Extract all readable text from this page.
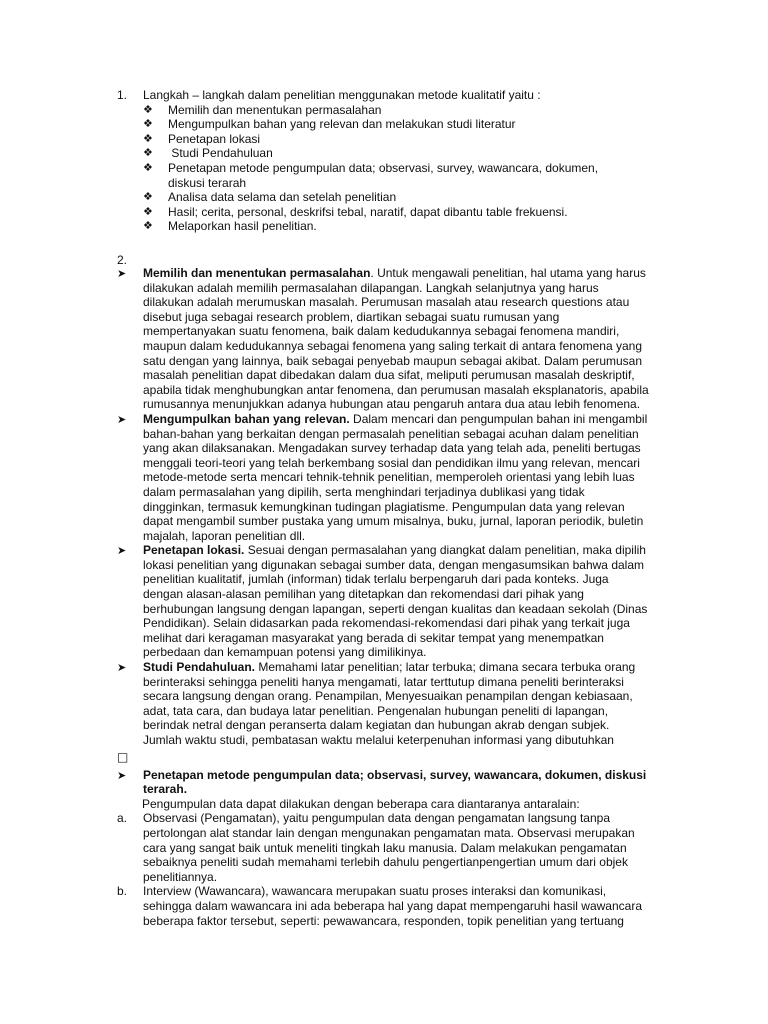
1. Langkah – langkah dalam penelitian menggunakan metode kualitatif yaitu :
❖ Memilih dan menentukan permasalahan
❖ Mengumpulkan bahan yang relevan dan melakukan studi literatur
❖ Penetapan lokasi
❖ Studi Pendahuluan
❖ Penetapan metode pengumpulan data; observasi, survey, wawancara, dokumen, diskusi terarah
❖ Analisa data selama dan setelah penelitian
❖ Hasil; cerita, personal, deskrifsi tebal, naratif, dapat dibantu table frekuensi.
❖ Melaporkan hasil penelitian.
2.
➤ Memilih dan menentukan permasalahan. Untuk mengawali penelitian, hal utama yang harus dilakukan adalah memilih permasalahan dilapangan. Langkah selanjutnya yang harus dilakukan adalah merumuskan masalah. Perumusan masalah atau research questions atau disebut juga sebagai research problem, diartikan sebagai suatu rumusan yang mempertanyakan suatu fenomena, baik dalam kedudukannya sebagai fenomena mandiri, maupun dalam kedudukannya sebagai fenomena yang saling terkait di antara fenomena yang satu dengan yang lainnya, baik sebagai penyebab maupun sebagai akibat. Dalam perumusan masalah penelitian dapat dibedakan dalam dua sifat, meliputi perumusan masalah deskriptif, apabila tidak menghubungkan antar fenomena, dan perumusan masalah eksplanatoris, apabila rumusannya menunjukkan adanya hubungan atau pengaruh antara dua atau lebih fenomena.
➤ Mengumpulkan bahan yang relevan. Dalam mencari dan pengumpulan bahan ini mengambil bahan-bahan yang berkaitan dengan permasalah penelitian sebagai acuhan dalam penelitian yang akan dilaksanakan. Mengadakan survey terhadap data yang telah ada, peneliti bertugas menggali teori-teori yang telah berkembang sosial dan pendidikan ilmu yang relevan, mencari metode-metode serta mencari tehnik-tehnik penelitian, memperoleh orientasi yang lebih luas dalam permasalahan yang dipilih, serta menghindari terjadinya dublikasi yang tidak dingginkan, termasuk kemungkinan tudingan plagiatisme. Pengumpulan data yang relevan dapat mengambil sumber pustaka yang umum misalnya, buku, jurnal, laporan periodik, buletin majalah, laporan penelitian dll.
➤ Penetapan lokasi. Sesuai dengan permasalahan yang diangkat dalam penelitian, maka dipilih lokasi penelitian yang digunakan sebagai sumber data, dengan mengasumsikan bahwa dalam penelitian kualitatif, jumlah (informan) tidak terlalu berpengaruh dari pada konteks. Juga dengan alasan-alasan pemilihan yang ditetapkan dan rekomendasi dari pihak yang berhubungan langsung dengan lapangan, seperti dengan kualitas dan keadaan sekolah (Dinas Pendidikan). Selain didasarkan pada rekomendasi-rekomendasi dari pihak yang terkait juga melihat dari keragaman masyarakat yang berada di sekitar tempat yang menempatkan perbedaan dan kemampuan potensi yang dimilikinya.
➤ Studi Pendahuluan. Memahami latar penelitian; latar terbuka; dimana secara terbuka orang berinteraksi sehingga peneliti hanya mengamati, latar terttutup dimana peneliti berinteraksi secara langsung dengan orang. Penampilan, Menyesuaikan penampilan dengan kebiasaan, adat, tata cara, dan budaya latar penelitian. Pengenalan hubungan peneliti di lapangan, berindak netral dengan peranserta dalam kegiatan dan hubungan akrab dengan subjek. Jumlah waktu studi, pembatasan waktu melalui keterpenuhan informasi yang dibutuhkan
□
➤ Penetapan metode pengumpulan data; observasi, survey, wawancara, dokumen, diskusi terarah.
Pengumpulan data dapat dilakukan dengan beberapa cara diantaranya antaralain:
a. Observasi (Pengamatan), yaitu pengumpulan data dengan pengamatan langsung tanpa pertolongan alat standar lain dengan mengunakan pengamatan mata. Observasi merupakan cara yang sangat baik untuk meneliti tingkah laku manusia. Dalam melakukan pengamatan sebaiknya peneliti sudah memahami terlebih dahulu pengertianpengertian umum dari objek penelitiannya.
b. Interview (Wawancara), wawancara merupakan suatu proses interaksi dan komunikasi, sehingga dalam wawancara ini ada beberapa hal yang dapat mempengaruhi hasil wawancara beberapa faktor tersebut, seperti: pewawancara, responden, topik penelitian yang tertuang
